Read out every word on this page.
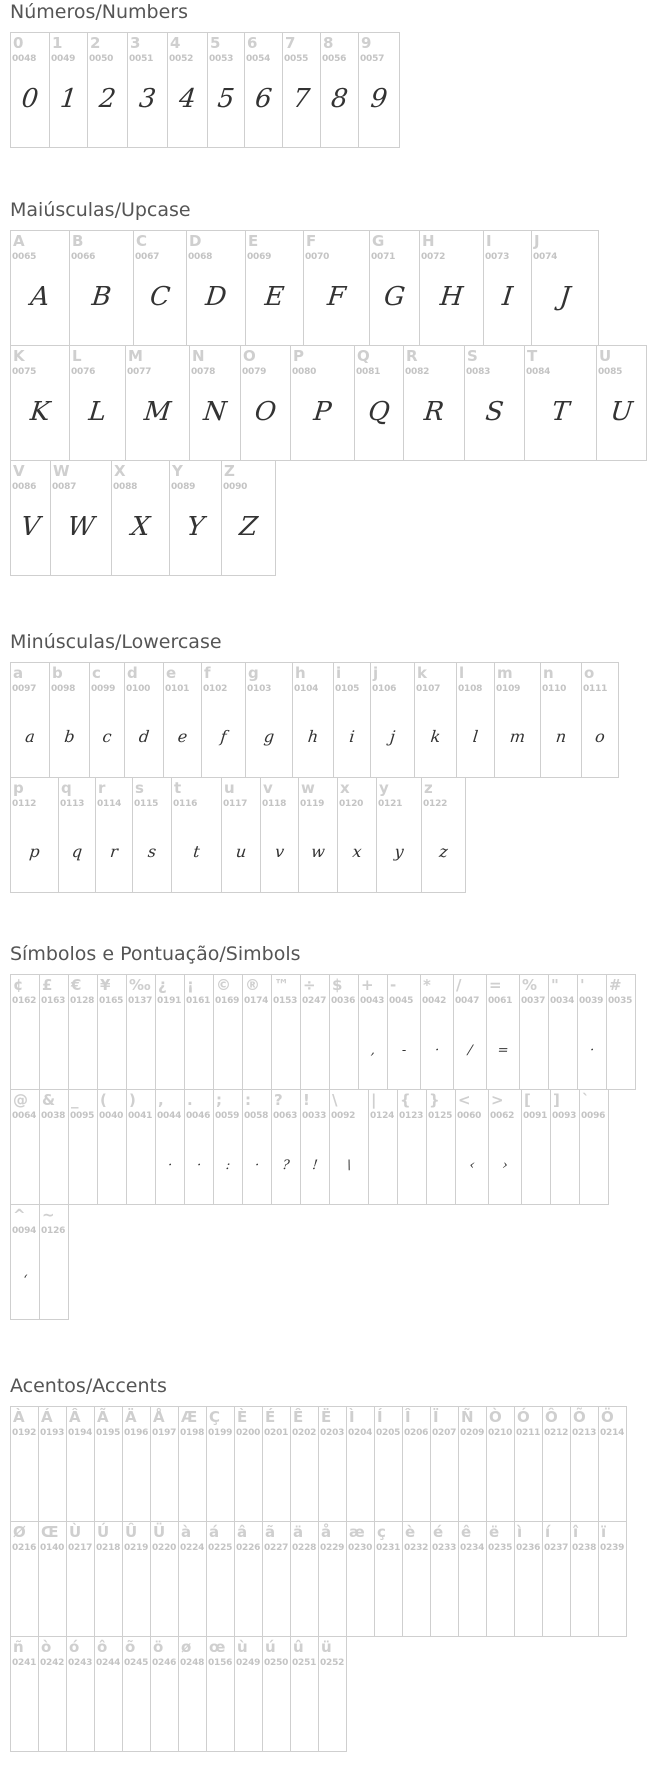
Números/Numbers
0
0048
0
1
0049
1
2
0050
2
3
0051
3
4
0052
4
5
0053
5
6
0054
6
7
0055
7
8
0056
8
9
0057
9
Maiúsculas/Upcase
A
0065
A
B
0066
B
C
0067
C
D
0068
D
E
0069
E
F
0070
F
G
0071
G
H
0072
H
I
0073
I
J
0074
J
K
0075
K
L
0076
L
M
0077
M
N
0078
N
O
0079
O
P
0080
P
Q
0081
Q
R
0082
R
S
0083
S
T
0084
T
U
0085
U
V
0086
V
W
0087
W
X
0088
X
Y
0089
Y
Z
0090
Z
Minúsculas/Lowercase
a
0097
a
b
0098
b
c
0099
c
d
0100
d
e
0101
e
f
0102
f
g
0103
g
h
0104
h
i
0105
i
j
0106
j
k
0107
k
l
0108
l
m
0109
m
n
0110
n
o
0111
o
p
0112
p
q
0113
q
r
0114
r
s
0115
s
t
0116
t
u
0117
u
v
0118
v
w
0119
w
x
0120
x
y
0121
y
z
0122
z
Símbolos e Pontuação/Simbols
¢
0162
£
0163
€
0128
¥
0165
‰
0137
¿
0191
¡
0161
©
0169
®
0174
™
0153
÷
0247
$
0036
+
0043
,
-
0045
-
*
0042
·
/
0047
/
=
0061
=
%
0037
"
0034
'
0039
·
#
0035
@
0064
&
0038
_
0095
(
0040
)
0041
,
0044
·
.
0046
·
;
0059
:
:
0058
·
?
0063
?
!
0033
!
\
0092
\
|
0124
{
0123
}
0125
<
0060
‹
>
0062
›
[
0091
]
0093
`
0096
^
0094
‘
~
0126
Acentos/Accents
À
0192
Á
0193
Â
0194
Ã
0195
Ä
0196
Å
0197
Æ
0198
Ç
0199
È
0200
É
0201
Ê
0202
Ë
0203
Ì
0204
Í
0205
Î
0206
Ï
0207
Ñ
0209
Ò
0210
Ó
0211
Ô
0212
Õ
0213
Ö
0214
Ø
0216
Œ
0140
Ù
0217
Ú
0218
Û
0219
Ü
0220
à
0224
á
0225
â
0226
ã
0227
ä
0228
å
0229
æ
0230
ç
0231
è
0232
é
0233
ê
0234
ë
0235
ì
0236
í
0237
î
0238
ï
0239
ñ
0241
ò
0242
ó
0243
ô
0244
õ
0245
ö
0246
ø
0248
œ
0156
ù
0249
ú
0250
û
0251
ü
0252
